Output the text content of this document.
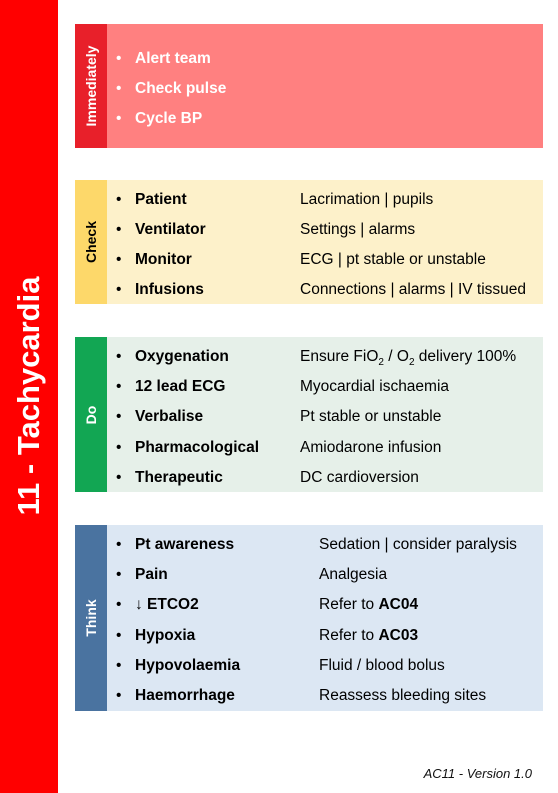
11 - Tachycardia
Immediately • Alert team
• Check pulse
• Cycle BP
Check
• Patient	Lacrimation | pupils
• Ventilator	Settings | alarms
• Monitor	ECG | pt stable or unstable
• Infusions	Connections | alarms | IV tissued
Do
• Oxygenation	Ensure $FiO_2 / O_2$ delivery 100%
• 12 lead ECG	Myocardial ischaemia
• Verbalise	Pt stable or unstable
• Pharmacological	Amiodarone infusion
• Therapeutic	DC cardioversion
Think
• Pt awareness	Sedation | consider paralysis
• Pain	Analgesia
• ↓ ETCO2	Refer to AC04
• Hypoxia	Refer to AC03
• Hypovolaemia	Fluid / blood bolus
• Haemorrhage	Reassess bleeding sites
AC11 - Version 1.0
